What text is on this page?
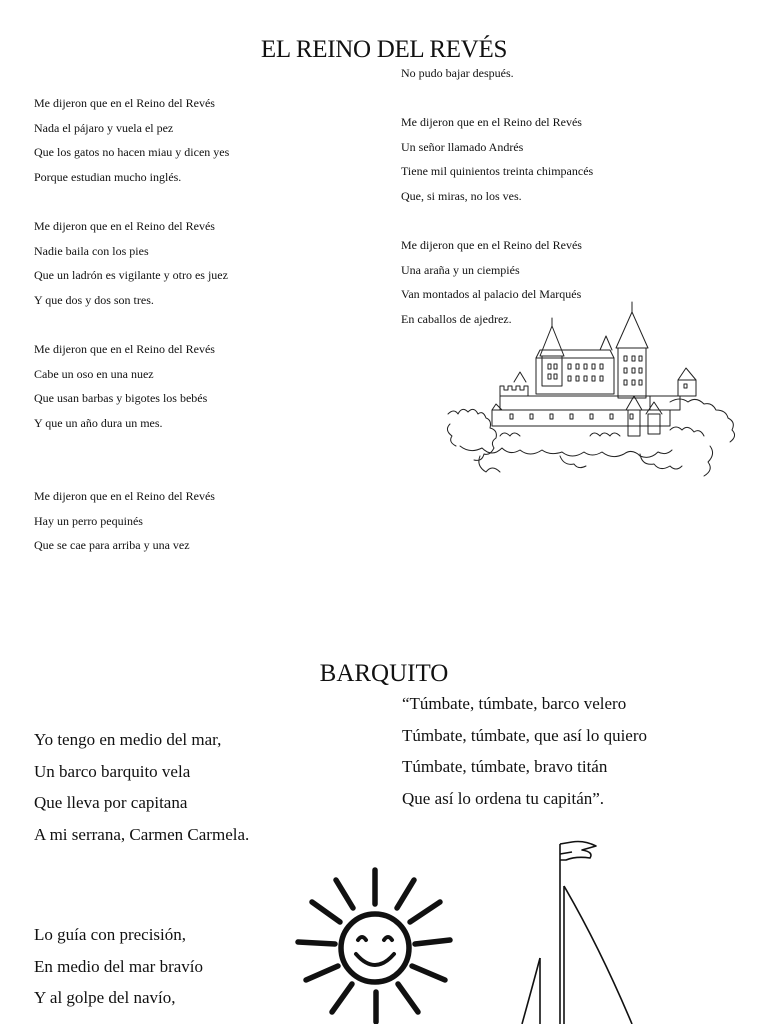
EL REINO DEL REVÉS
Me dijeron que en el Reino del Revés
Nada el pájaro y vuela el pez
Que los gatos no hacen miau y dicen yes
Porque estudian mucho inglés.
Me dijeron que en el Reino del Revés
Nadie baila con los pies
Que un ladrón es vigilante y otro es juez
Y que dos y dos son tres.
Me dijeron que en el Reino del Revés
Cabe un oso en una nuez
Que usan barbas y bigotes los bebés
Y que un año dura un mes.
Me dijeron que en el Reino del Revés
Hay un perro pequinés
Que se cae para arriba y una vez
No pudo bajar después.
Me dijeron que en el Reino del Revés
Un señor llamado Andrés
Tiene mil quinientos treinta chimpancés
Que, si miras, no los ves.
Me dijeron que en el Reino del Revés
Una araña y un ciempiés
Van montados al palacio del Marqués
En caballos de ajedrez.
BARQUITO
Yo tengo en medio del mar,
Un barco barquito vela
Que lleva por capitana
A mi serrana, Carmen Carmela.
Lo guía con precisión,
En medio del mar bravío
Y al golpe del navío,
“Túmbate, túmbate, barco velero
Túmbate, túmbate, que así lo quiero
Túmbate, túmbate, bravo titán
Que así lo ordena tu capitán”.
